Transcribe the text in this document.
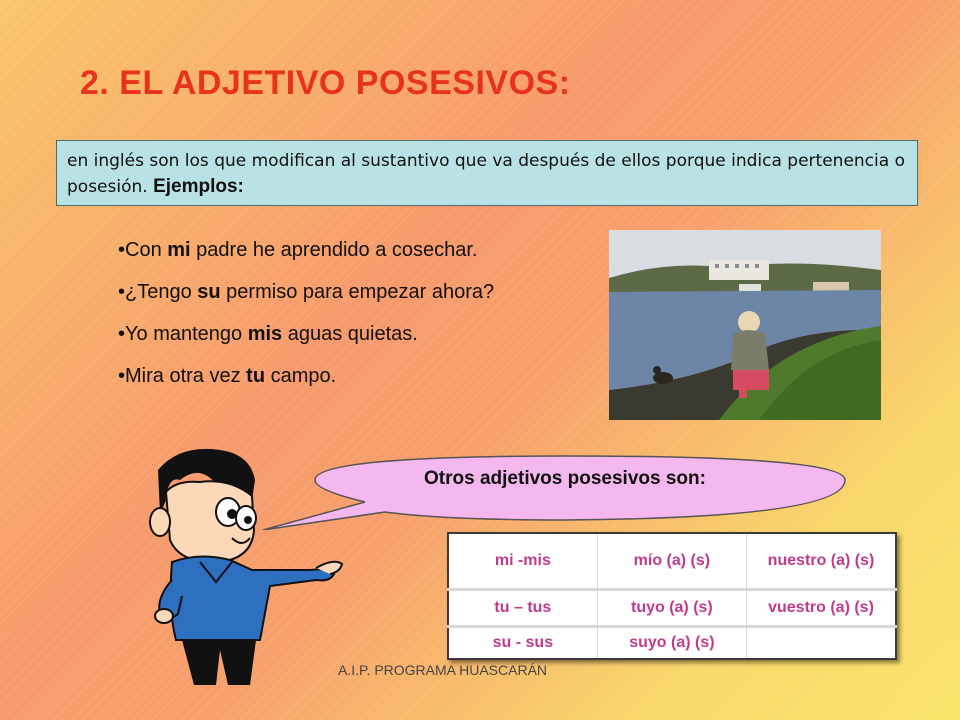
2. EL ADJETIVO POSESIVOS:
en inglés son los que modifican al sustantivo que va después de ellos porque indica pertenencia o posesión. Ejemplos:
•Con mi padre he aprendido a cosechar.
•¿Tengo su permiso para empezar ahora?
•Yo mantengo mis aguas quietas.
•Mira otra vez tu campo.
Otros adjetivos posesivos son:
mi -mis	mío (a) (s)	nuestro (a) (s)
tu – tus	tuyo (a) (s)	vuestro (a) (s)
su - sus	suyo (a) (s)	
A.I.P. PROGRAMA HUASCARÁN
